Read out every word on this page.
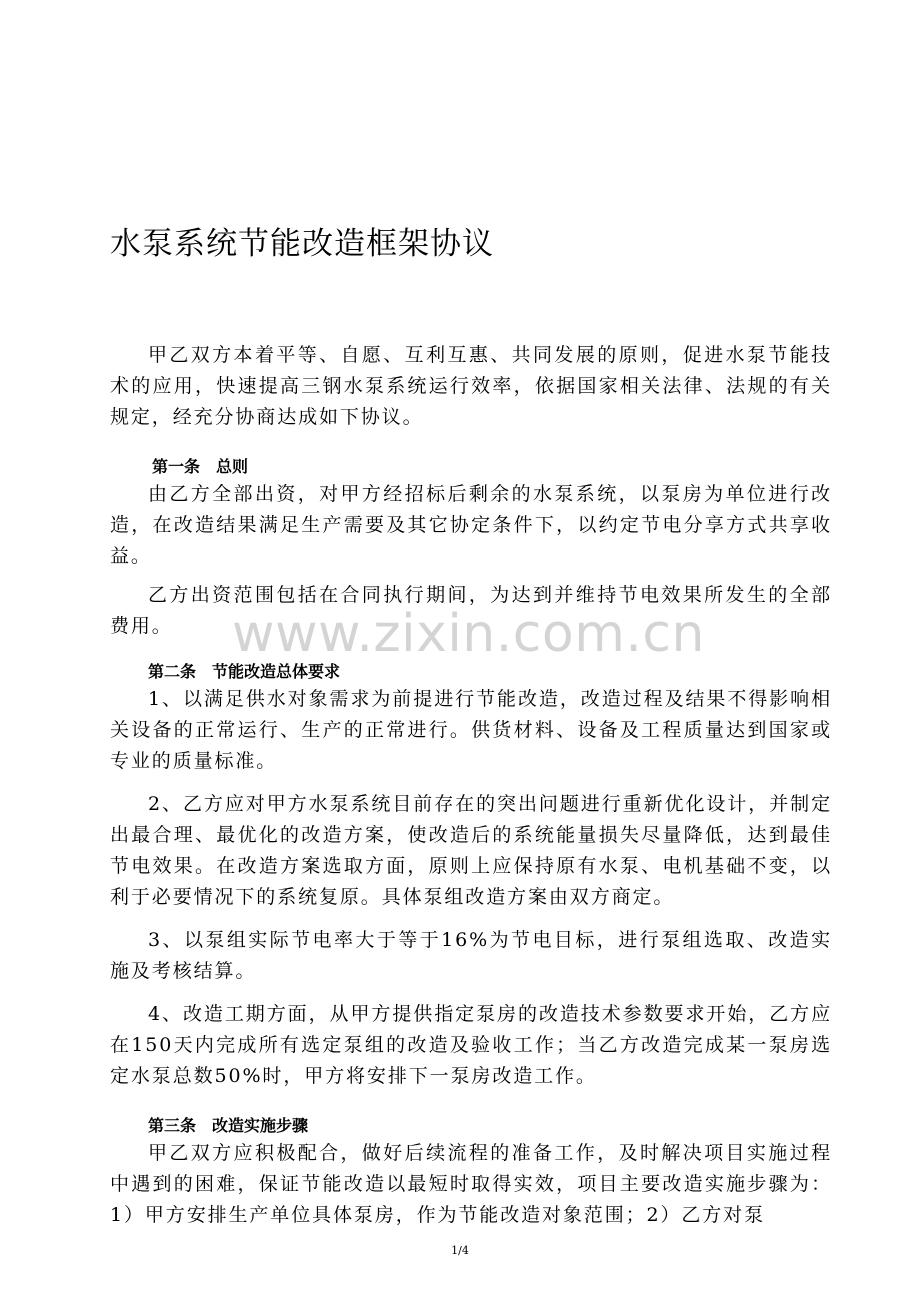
水泵系统节能改造框架协议

甲乙双方本着平等、自愿、互利互惠、共同发展的原则，促进水泵节能技术的应用，快速提高三钢水泵系统运行效率，依据国家相关法律、法规的有关规定，经充分协商达成如下协议。

第一条　总则

由乙方全部出资，对甲方经招标后剩余的水泵系统，以泵房为单位进行改造，在改造结果满足生产需要及其它协定条件下，以约定节电分享方式共享收益。

乙方出资范围包括在合同执行期间，为达到并维持节电效果所发生的全部费用。

第二条　节能改造总体要求

1、以满足供水对象需求为前提进行节能改造，改造过程及结果不得影响相关设备的正常运行、生产的正常进行。供货材料、设备及工程质量达到国家或专业的质量标准。

2、乙方应对甲方水泵系统目前存在的突出问题进行重新优化设计，并制定出最合理、最优化的改造方案，使改造后的系统能量损失尽量降低，达到最佳节电效果。在改造方案选取方面，原则上应保持原有水泵、电机基础不变，以利于必要情况下的系统复原。具体泵组改造方案由双方商定。

3、以泵组实际节电率大于等于16%为节电目标，进行泵组选取、改造实施及考核结算。

4、改造工期方面，从甲方提供指定泵房的改造技术参数要求开始，乙方应在150天内完成所有选定泵组的改造及验收工作；当乙方改造完成某一泵房选定水泵总数50%时，甲方将安排下一泵房改造工作。

第三条　改造实施步骤

甲乙双方应积极配合，做好后续流程的准备工作，及时解决项目实施过程中遇到的困难，保证节能改造以最短时取得实效，项目主要改造实施步骤为：1）甲方安排生产单位具体泵房，作为节能改造对象范围；2）乙方对泵

www.zixin.com.cn
1/4
